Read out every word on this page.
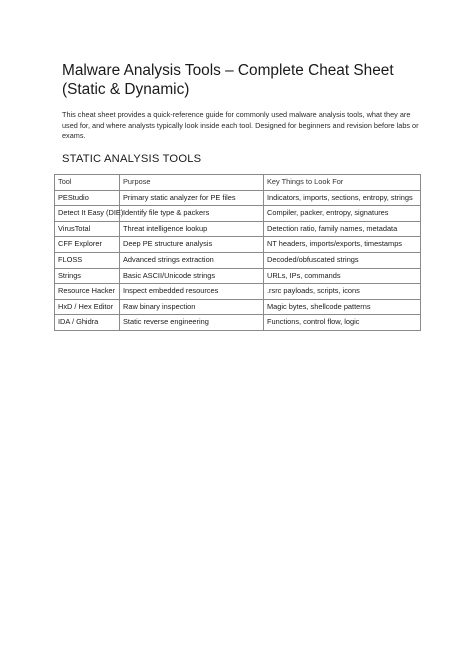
Malware Analysis Tools – Complete Cheat Sheet
(Static & Dynamic)

This cheat sheet provides a quick-reference guide for commonly used malware analysis tools, what they are used for, and where analysts typically look inside each tool. Designed for beginners and revision before labs or exams.

STATIC ANALYSIS TOOLS
Tool	Purpose	Key Things to Look For
PEStudio	Primary static analyzer for PE files	Indicators, imports, sections, entropy, strings
Detect It Easy (DIE)	Identify file type & packers	Compiler, packer, entropy, signatures
VirusTotal	Threat intelligence lookup	Detection ratio, family names, metadata
CFF Explorer	Deep PE structure analysis	NT headers, imports/exports, timestamps
FLOSS	Advanced strings extraction	Decoded/obfuscated strings
Strings	Basic ASCII/Unicode strings	URLs, IPs, commands
Resource Hacker	Inspect embedded resources	.rsrc payloads, scripts, icons
HxD / Hex Editor	Raw binary inspection	Magic bytes, shellcode patterns
IDA / Ghidra	Static reverse engineering	Functions, control flow, logic
